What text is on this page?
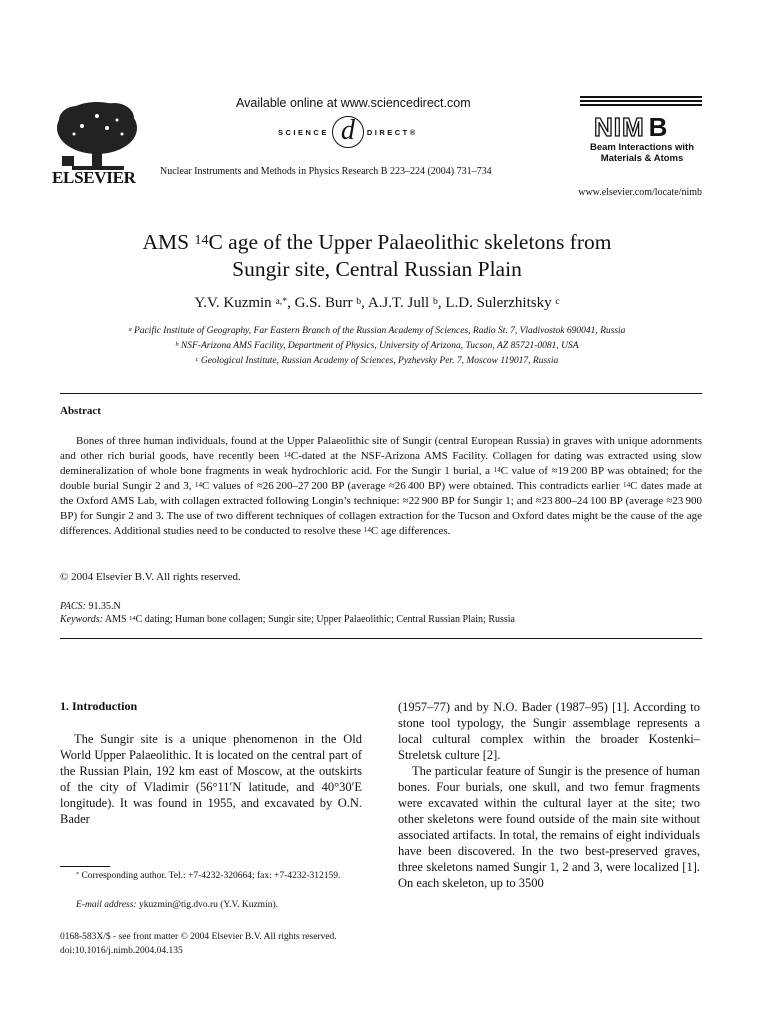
ELSEVIER
Available online at www.sciencedirect.com
SCIENCE d	DIRECT®
Nuclear Instruments and Methods in Physics Research B 223–224 (2004) 731–734
NIM B
Beam Interactions with Materials & Atoms
www.elsevier.com/locate/nimb
AMS $^{14}$C age of the Upper Palaeolithic skeletons from
Sungir site, Central Russian Plain
Y.V. Kuzmin $^{a,*}$, G.S. Burr $^b$, A.J.T. Jull $^b$, L.D. Sulerzhitsky $^c$
$^a$ Pacific Institute of Geography, Far Eastern Branch of the Russian Academy of Sciences, Radio St. 7, Vladivostok 690041, Russia
$^b$ NSF-Arizona AMS Facility, Department of Physics, University of Arizona, Tucson, AZ 85721-0081, USA
$^c$ Geological Institute, Russian Academy of Sciences, Pyzhevsky Per. 7, Moscow 119017, Russia
Abstract

Bones of three human individuals, found at the Upper Palaeolithic site of Sungir (central European Russia) in graves with unique adornments and other rich burial goods, have recently been $^{14}$C-dated at the NSF-Arizona AMS Facility. Collagen for dating was extracted using slow demineralization of whole bone fragments in weak hydrochloric acid. For the Sungir 1 burial, a $^{14}$C value of ≈19 200 BP was obtained; for the double burial Sungir 2 and 3, $^{14}$C values of ≈26 200–27 200 BP (average ≈26 400 BP) were obtained. This contradicts earlier $^{14}$C dates made at the Oxford AMS Lab, with collagen extracted following Longin’s technique: ≈22 900 BP for Sungir 1; and ≈23 800–24 100 BP (average ≈23 900 BP) for Sungir 2 and 3. The use of two different techniques of collagen extraction for the Tucson and Oxford dates might be the cause of the age differences. Additional studies need to be conducted to resolve these $^{14}$C age differences.

© 2004 Elsevier B.V. All rights reserved.
PACS: 91.35.N
Keywords: AMS $^{14}$C dating; Human bone collagen; Sungir site; Upper Palaeolithic; Central Russian Plain; Russia
1. Introduction
The Sungir site is a unique phenomenon in the Old World Upper Palaeolithic. It is located on the central part of the Russian Plain, 192 km east of Moscow, at the outskirts of the city of Vladimir (56°11′N latitude, and 40°30′E longitude). It was found in 1955, and excavated by O.N. Bader

(1957–77) and by N.O. Bader (1987–95) [1]. According to stone tool typology, the Sungir assemblage represents a local cultural complex within the broader Kostenki–Streletsk culture [2].

The particular feature of Sungir is the presence of human bones. Four burials, one skull, and two femur fragments were excavated within the cultural layer at the site; two other skeletons were found outside of the main site without associated artifacts. In total, the remains of eight individuals have been discovered. In the two best-preserved graves, three skeletons named Sungir 1, 2 and 3, were localized [1]. On each skeleton, up to 3500

* Corresponding author. Tel.: +7-4232-320664; fax: +7-4232-312159.
E-mail address: ykuzmin@tig.dvo.ru (Y.V. Kuzmin).
0168-583X/$ - see front matter © 2004 Elsevier B.V. All rights reserved.
doi:10.1016/j.nimb.2004.04.135
